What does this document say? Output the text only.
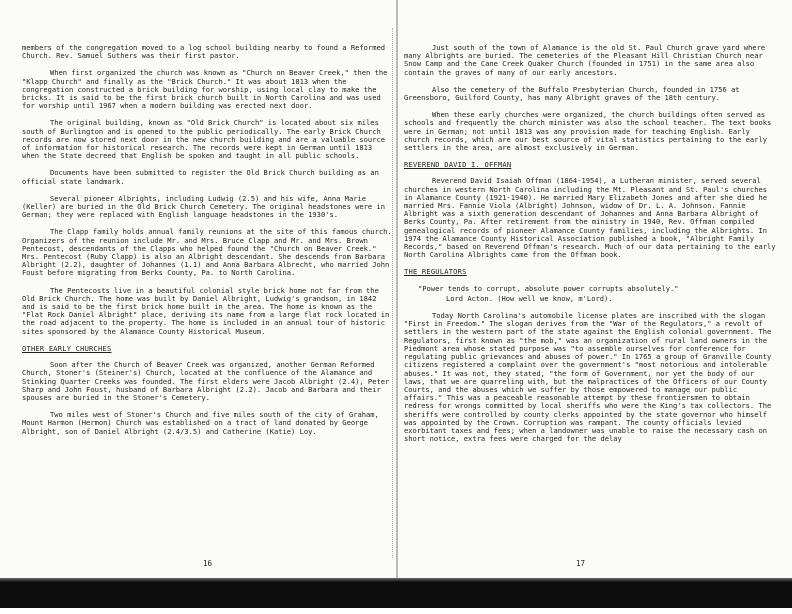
members of the congregation moved to a log school building nearby to found a Reformed Church. Rev. Samuel Suthers was their first pastor.
When first organized the church was known as "Church on Beaver Creek," then the "Klapp Church" and finally as the "Brick Church." It was about 1813 when the congregation constructed a brick building for worship, using local clay to make the bricks. It is said to be the first brick church built in North Carolina and was used for worship until 1967 when a modern building was erected next door.
The original building, known as "Old Brick Church" is located about six miles south of Burlington and is opened to the public periodically. The early Brick Church records are now stored next door in the new church building and are a valuable source of information for historical research. The records were kept in German until 1813 when the State decreed that English be spoken and taught in all public schools.
Documents have been submitted to register the Old Brick Church building as an official state landmark.
Several pioneer Albrights, including Ludwig (2.5) and his wife, Anna Marie (Keller) are buried in the Old Brick Church Cemetery. The original headstones were in German; they were replaced with English language headstones in the 1930's.
The Clapp family holds annual family reunions at the site of this famous church. Organizers of the reunion include Mr. and Mrs. Bruce Clapp and Mr. and Mrs. Brown Pentecost, descendants of the Clapps who helped found the "Church on Beaver Creek." Mrs. Pentecost (Ruby Clapp) is also an Albright descendant. She descends from Barbara Albright (2.2), daughter of Johannes (1.1) and Anna Barbara Albrecht, who married John Foust before migrating from Berks County, Pa. to North Carolina.
The Pentecosts live in a beautiful colonial style brick home not far from the Old Brick Church. The home was built by Daniel Albright, Ludwig's grandson, in 1842 and is said to be the first brick home built in the area. The home is known as the "Flat Rock Daniel Albright" place, deriving its name from a large flat rock located in the road adjacent to the property. The home is included in an annual tour of historic sites sponsored by the Alamance County Historical Museum.
OTHER EARLY CHURCHES
Soon after the Church of Beaver Creek was organized, another German Reformed Church, Stoner's (Steiner's) Church, located at the confluence of the Alamance and Stinking Quarter Creeks was founded. The first elders were Jacob Albright (2.4), Peter Sharp and John Foust, husband of Barbara Albright (2.2). Jacob and Barbara and their spouses are buried in the Stoner's Cemetery.
Two miles west of Stoner's Church and five miles south of the city of Graham, Mount Harmon (Hermon) Church was established on a tract of land donated by George Albright, son of Daniel Albright (2.4/3.5) and Catherine (Katie) Loy.
Just south of the town of Alamance is the old St. Paul Church grave yard where many Albrights are buried. The cemeteries of the Pleasant Hill Christian Church near Snow Camp and the Cane Creek Quaker Church (founded in 1751) in the same area also contain the graves of many of our early ancestors.
Also the cemetery of the Buffalo Presbyterian Church, founded in 1756 at Greensboro, Guilford County, has many Albright graves of the 18th century.
When these early churches were organized, the church buildings often served as schools and frequently the church minister was also the school teacher. The text books were in German; not until 1813 was any provision made for teaching English. Early church records, which are our best source of vital statistics pertaining to the early settlers in the area, are almost exclusively in German.
REVEREND DAVID I. OFFMAN
Reverend David Isaiah Offman (1864-1954), a Lutheran minister, served several churches in western North Carolina including the Mt. Pleasant and St. Paul's churches in Alamance County (1921-1940). He married Mary Elizabeth Jones and after she died he married Mrs. Fannie Viola (Albright) Johnson, widow of Dr. L. A. Johnson. Fannie Albright was a sixth generation descendant of Johannes and Anna Barbara Albright of Berks County, Pa. After retirement from the ministry in 1940, Rev. Offman compiled genealogical records of pioneer Alamance County families, including the Albrights. In 1974 the Alamance County Historical Association published a book, "Albright Family Records," based on Reverend Offman's research. Much of our data pertaining to the early North Carolina Albrights came from the Offman book.
THE REGULATORS
"Power tends to corrupt, absolute power corrupts absolutely."
Lord Acton. (How well we know, m'Lord).
Today North Carolina's automobile license plates are inscribed with the slogan "First in Freedom." The slogan derives from the "War of the Regulators," a revolt of settlers in the western part of the state against the English colonial government. The Regulators, first known as "the mob," was an organization of rural land owners in the Piedmont area whose stated purpose was "to assemble ourselves for conference for regulating public grievances and abuses of power." In 1765 a group of Granville County citizens registered a complaint over the government's "most notorious and intolerable abuses." It was not, they stated, "the form of Government, nor yet the body of our laws, that we are quarreling with, but the malpractices of the Officers of our County Courts, and the abuses which we suffer by those empowered to manage our public affairs." This was a peaceable reasonable attempt by these frontiersmen to obtain redress for wrongs committed by local sheriffs who were the King's tax collectors. The sheriffs were controlled by county clerks appointed by the state governor who himself was appointed by the Crown. Corruption was rampant. The county officials levied exorbitant taxes and fees; when a landowner was unable to raise the necessary cash on short notice, extra fees were charged for the delay
16	17
